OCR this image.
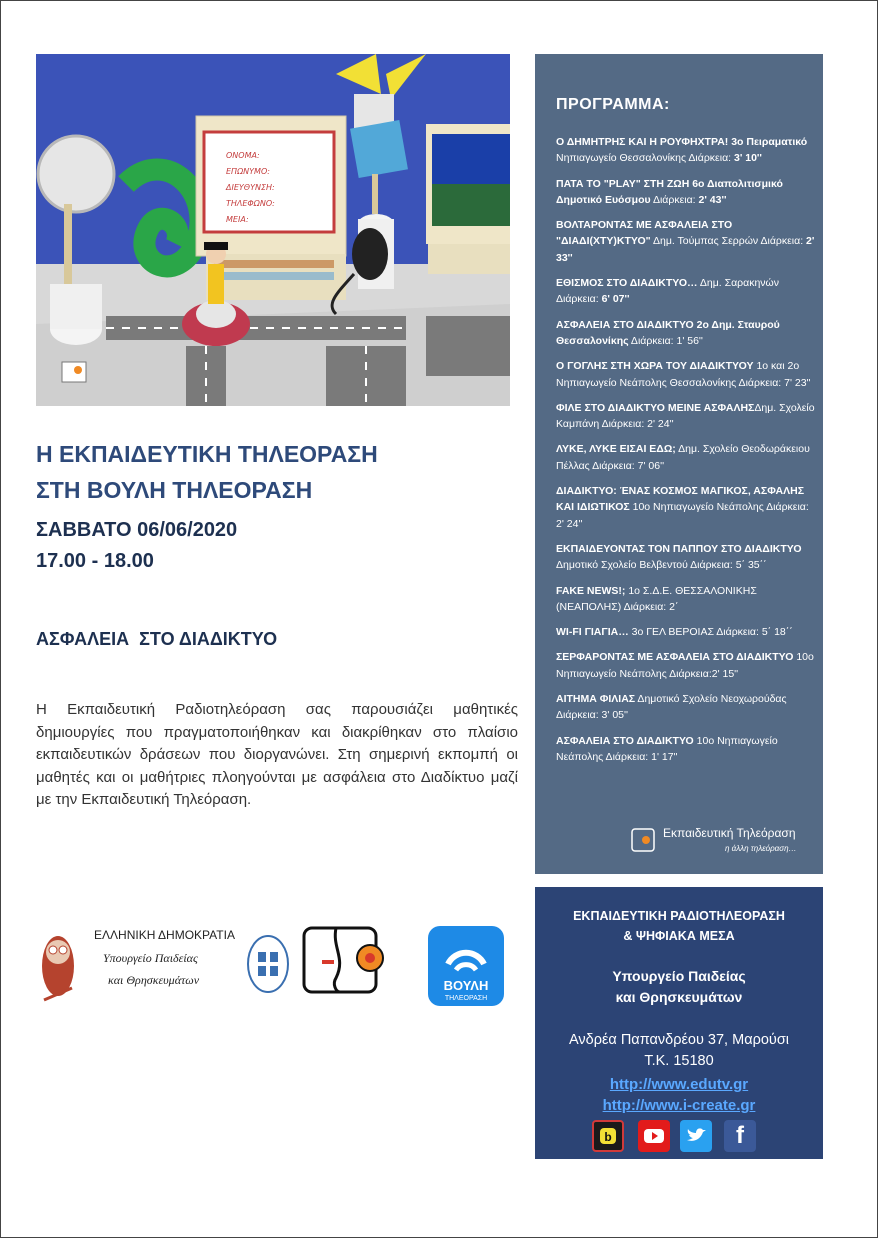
ΟΝΟΜΑ:
ΕΠΩΝΥΜΟ:
ΔΙΕΥΘΥΝΣΗ:
ΤΗΛΕΦΩΝΟ:
MEIA:
Η ΕΚΠΑΙΔΕΥΤΙΚΗ ΤΗΛΕΟΡΑΣΗ
ΣΤΗ ΒΟΥΛΗ ΤΗΛΕΟΡΑΣΗ
ΣΑΒΒΑΤΟ 06/06/2020
17.00 - 18.00
ΑΣΦΑΛΕΙΑ  ΣΤΟ ΔΙΑΔΙΚΤΥΟ
Η Εκπαιδευτική Ραδιοτηλεόραση σας παρουσιάζει μαθητικές δημιουργίες που πραγματοποιήθηκαν και διακρίθηκαν στο πλαίσιο εκπαιδευτικών δράσεων που διοργανώνει. Στη σημερινή εκπομπή οι μαθητές και οι μαθήτριες πλοηγούνται με ασφάλεια στο Διαδίκτυο μαζί με την Εκπαιδευτική Τηλεόραση.
ΕΛΛΗΝΙΚΗ ΔΗΜΟΚΡΑΤΙΑ
Υπουργείο Παιδείας
και Θρησκευμάτων	ΒΟΥΛΗ
ΤΗΛΕΟΡΑΣΗ
ΠΡΟΓΡΑΜΜΑ:
Ο ΔΗΜΗΤΡΗΣ ΚΑΙ Η ΡΟΥΦΗΧΤΡΑ! 3ο Πειραματικό Νηπιαγωγείο Θεσσαλονίκης Διάρκεια: 3' 10''
ΠΑΤΑ ΤΟ "PLAY" ΣΤΗ ΖΩΗ 6ο Διαπολιτισμικό Δημοτικό Ευόσμου Διάρκεια: 2' 43''
ΒΟΛΤΑΡΟΝΤΑΣ ΜΕ ΑΣΦΑΛΕΙΑ ΣΤΟ "ΔΙΑΔΙ(ΧΤΥ)ΚΤΥΟ" Δημ. Τούμπας Σερρών Διάρκεια: 2' 33''
ΕΘΙΣΜΟΣ ΣΤΟ ΔΙΑΔΙΚΤΥΟ… Δημ. Σαρακηνών Διάρκεια: 6' 07''
ΑΣΦΑΛΕΙΑ ΣΤΟ ΔΙΑΔΙΚΤΥΟ 2ο Δημ. Σταυρού Θεσσαλονίκης Διάρκεια: 1' 56''
Ο ΓΟΓΛΗΣ ΣΤΗ ΧΩΡΑ ΤΟΥ ΔΙΑΔΙΚΤΥΟΥ 1ο και 2ο Νηπιαγωγείο Νεάπολης Θεσσαλονίκης Διάρκεια: 7' 23''
ΦΙΛΕ ΣΤΟ ΔΙΑΔΙΚΤΥΟ ΜΕΙΝΕ ΑΣΦΑΛΗΣΔημ. Σχολείο Καμπάνη Διάρκεια: 2' 24''
ΛΥΚΕ, ΛΥΚΕ ΕΙΣΑΙ ΕΔΩ; Δημ. Σχολείο Θεοδωράκειου Πέλλας Διάρκεια: 7' 06''
ΔΙΑΔΙΚΤΥΟ: ΈΝΑΣ ΚΟΣΜΟΣ ΜΑΓΙΚΟΣ, ΑΣΦΑΛΗΣ ΚΑΙ ΙΔΙΩΤΙΚΟΣ 10ο Νηπιαγωγείο Νεάπολης Διάρκεια: 2' 24''
ΕΚΠΑΙΔΕΥΟΝΤΑΣ ΤΟΝ ΠΑΠΠΟΥ ΣΤΟ ΔΙΑΔΙΚΤΥΟ Δημοτικό Σχολείο Βελβεντού Διάρκεια: 5΄ 35΄΄
FAKE NEWS!; 1ο Σ.Δ.Ε. ΘΕΣΣΑΛΟΝΙΚΗΣ (ΝΕΑΠΟΛΗΣ) Διάρκεια: 2΄
WI-FI ΓΙΑΓΙΑ… 3ο ΓΕΛ ΒΕΡΟΙΑΣ Διάρκεια: 5΄ 18΄΄
ΣΕΡΦΑΡΟΝΤΑΣ ΜΕ ΑΣΦΑΛΕΙΑ ΣΤΟ ΔΙΑΔΙΚΤΥΟ 10ο Νηπιαγωγείο Νεάπολης Διάρκεια:2' 15''
ΑΙΤΗΜΑ ΦΙΛΙΑΣ Δημοτικό Σχολείο Νεοχωρούδας Διάρκεια: 3' 05''
ΑΣΦΑΛΕΙΑ ΣΤΟ ΔΙΑΔΙΚΤΥΟ 10ο Νηπιαγωγείο Νεάπολης Διάρκεια: 1' 17''
Εκπαιδευτική Τηλεόραση
η άλλη τηλεόραση…
ΕΚΠΑΙΔΕΥΤΙΚΗ ΡΑΔΙΟΤΗΛΕΟΡΑΣΗ
& ΨΗΦΙΑΚΑ ΜΕΣΑ
Υπουργείο Παιδείας
και Θρησκευμάτων
Ανδρέα Παπανδρέου 37, Μαρούσι
Τ.Κ. 15180
http://www.edutv.gr
http://www.i-create.gr
b	f
